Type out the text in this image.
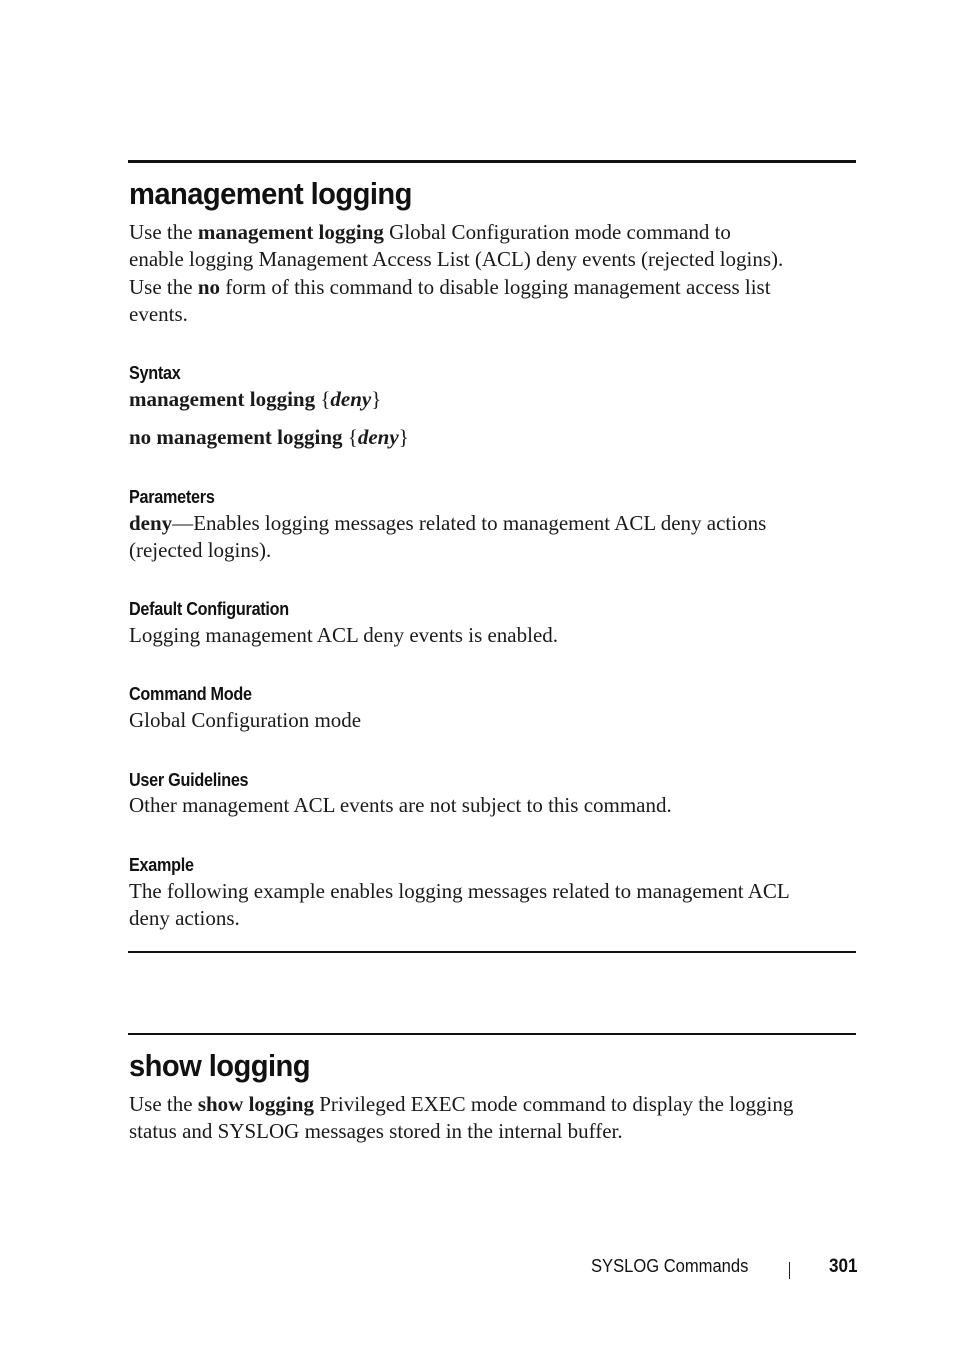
management logging

Use the management logging Global Configuration mode command to
enable logging Management Access List (ACL) deny events (rejected logins).
Use the no form of this command to disable logging management access list
events.

Syntax

management logging {deny}

no management logging {deny}

Parameters

deny—Enables logging messages related to management ACL deny actions
(rejected logins).

Default Configuration

Logging management ACL deny events is enabled.

Command Mode

Global Configuration mode

User Guidelines

Other management ACL events are not subject to this command.

Example

The following example enables logging messages related to management ACL
deny actions.

show logging

Use the show logging Privileged EXEC mode command to display the logging
status and SYSLOG messages stored in the internal buffer.

SYSLOG Commands	301
